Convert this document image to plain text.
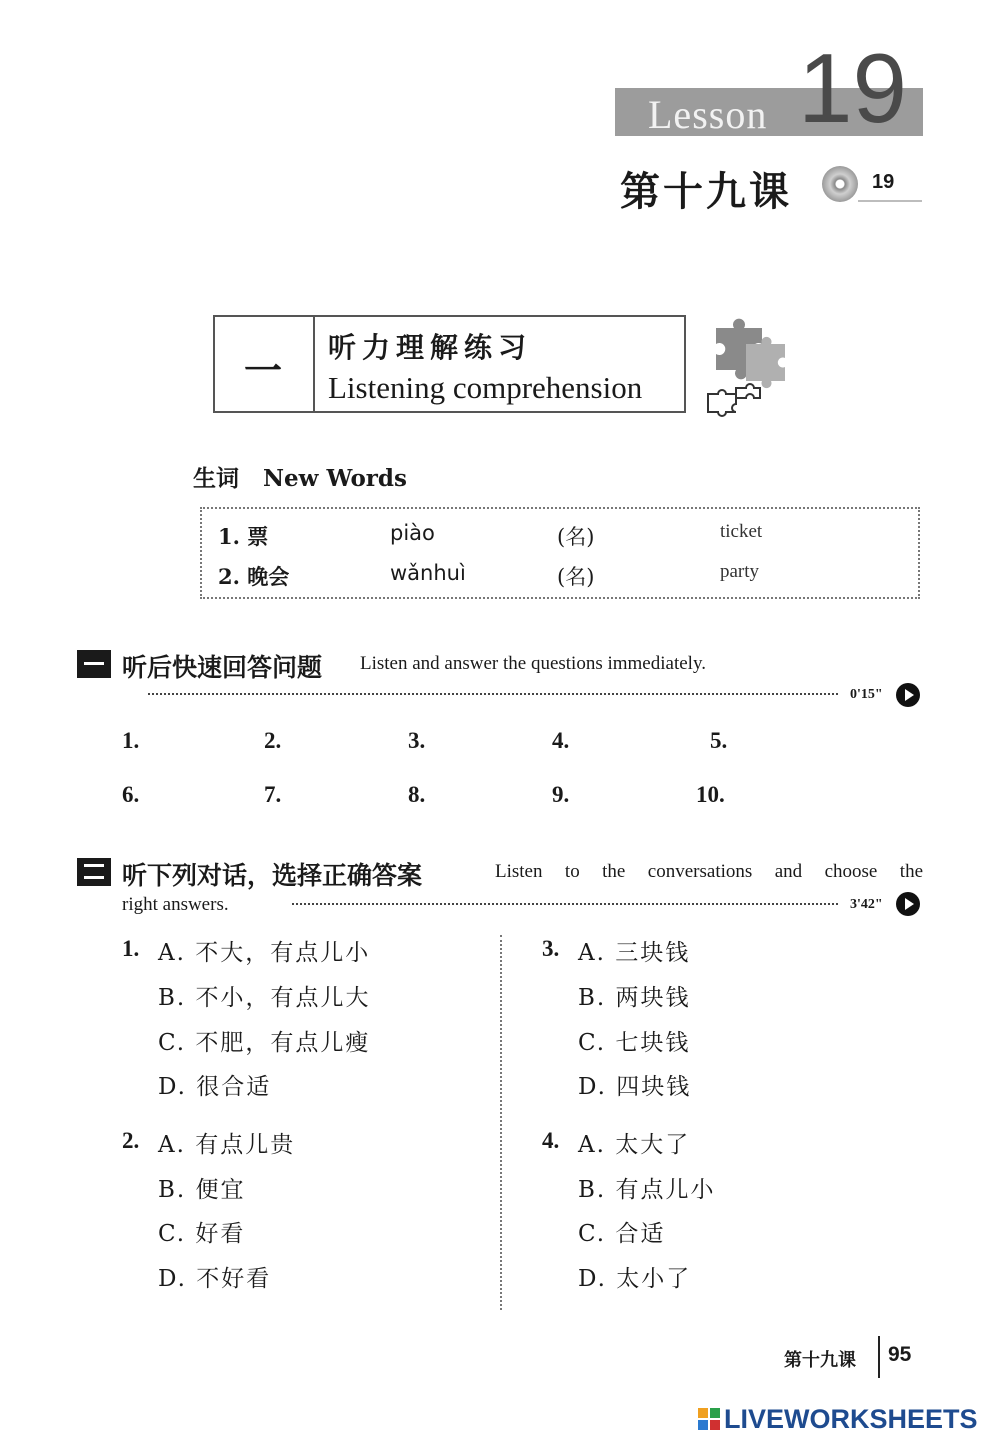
Lesson 19
第十九课	19
一
听力理解练习
Listening comprehension
生词   New Words
1. 票	piào	(名)	ticket
2. 晚会	wǎnhuì	(名)	party
听后快速回答问题 Listen and answer the questions immediately.
0'15"
1.	2.	3.	4.	5.
6.	7.	8.	9.	10.
听下列对话，选择正确答案	Listen to the conversations and choose the
right answers.	3'42"
1. A. 不大，有点儿小
B. 不小，有点儿大
C. 不肥，有点儿瘦
D. 很合适
2. A. 有点儿贵
B. 便宜
C. 好看
D. 不好看
3. A. 三块钱
B. 两块钱
C. 七块钱
D. 四块钱
4. A. 太大了
B. 有点儿小
C. 合适
D. 太小了
第十九课 95
LIVEWORKSHEETS
